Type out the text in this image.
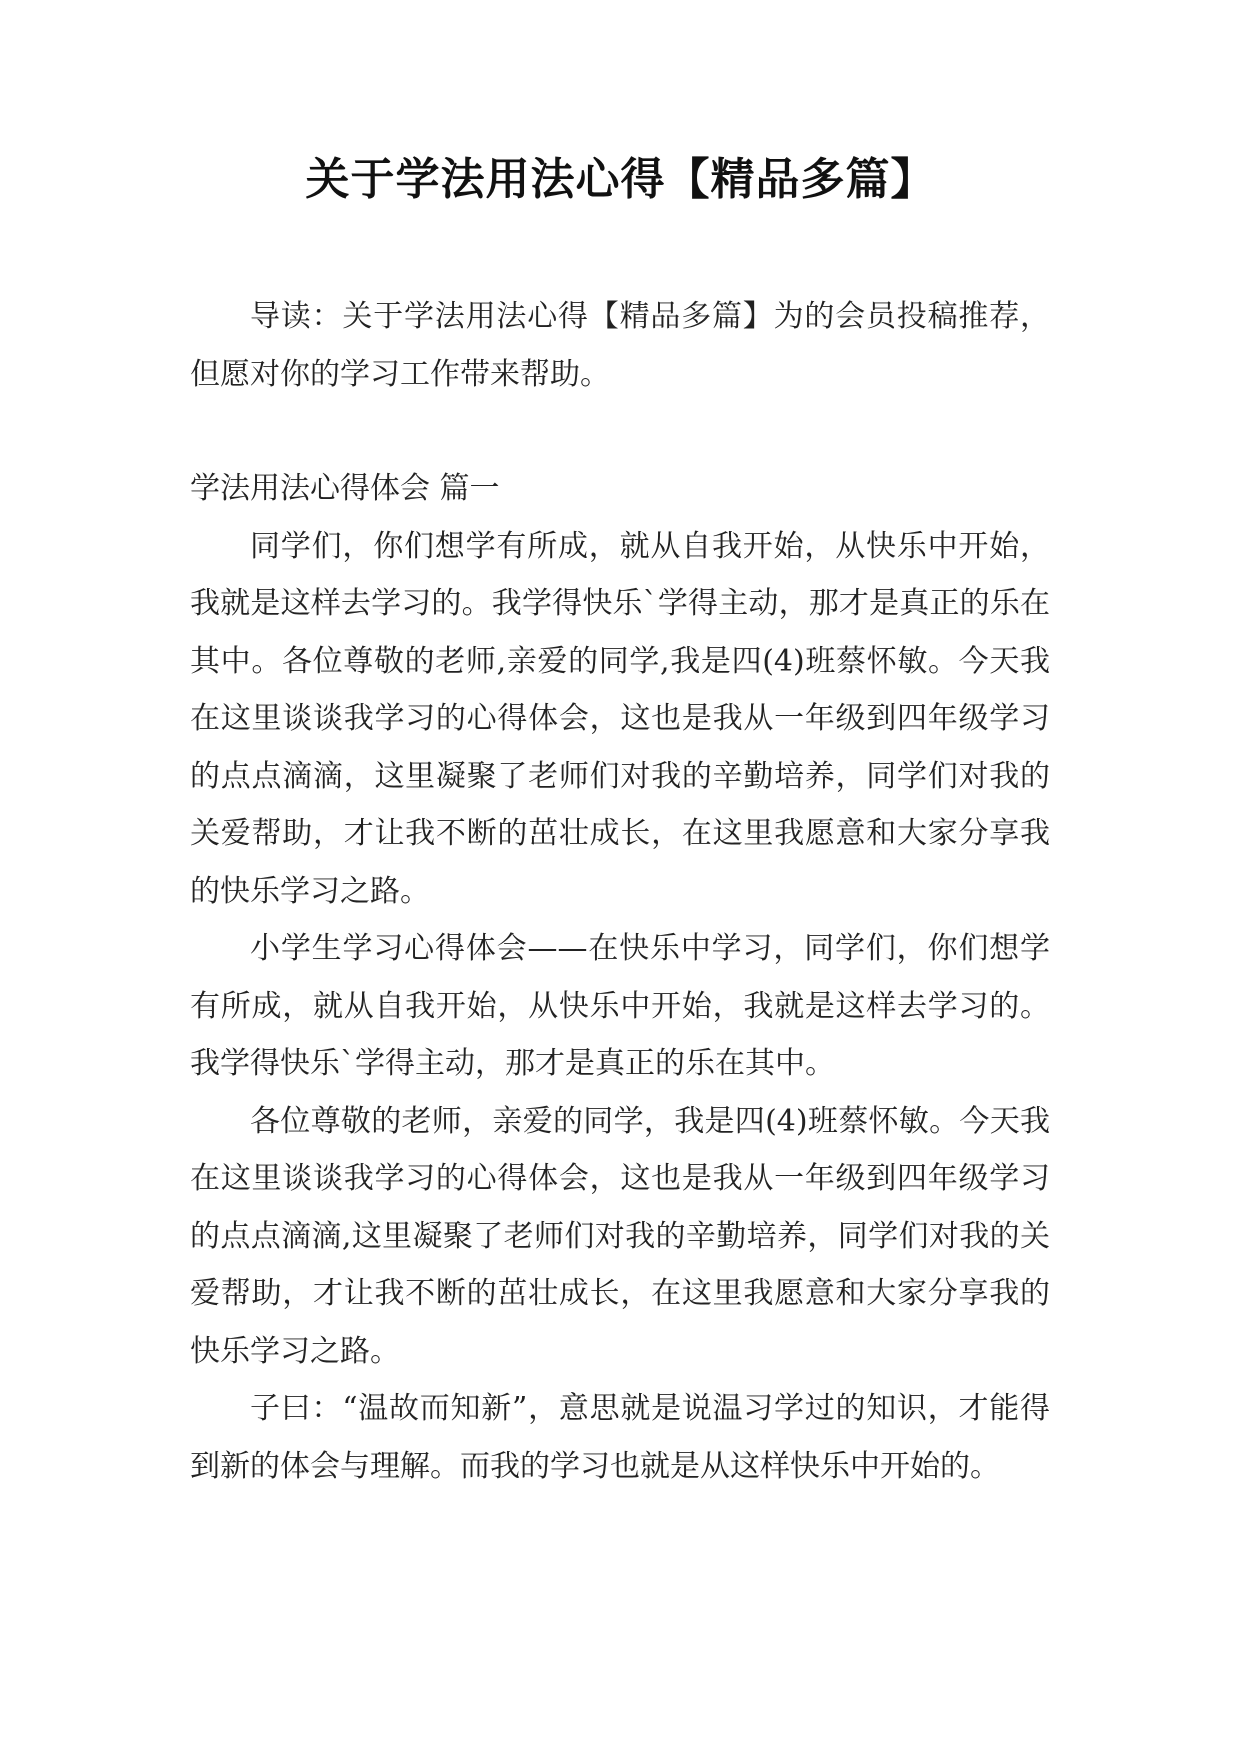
关于学法用法心得【精品多篇】

导读：关于学法用法心得【精品多篇】为的会员投稿推荐，但愿对你的学习工作带来帮助。

学法用法心得体会 篇一

同学们，你们想学有所成，就从自我开始，从快乐中开始，我就是这样去学习的。我学得快乐`学得主动，那才是真正的乐在其中。各位尊敬的老师,亲爱的同学,我是四(4)班蔡怀敏。今天我在这里谈谈我学习的心得体会，这也是我从一年级到四年级学习的点点滴滴，这里凝聚了老师们对我的辛勤培养，同学们对我的关爱帮助，才让我不断的茁壮成长，在这里我愿意和大家分享我的快乐学习之路。

小学生学习心得体会——在快乐中学习，同学们，你们想学有所成，就从自我开始，从快乐中开始，我就是这样去学习的。我学得快乐`学得主动，那才是真正的乐在其中。

各位尊敬的老师，亲爱的同学，我是四(4)班蔡怀敏。今天我在这里谈谈我学习的心得体会，这也是我从一年级到四年级学习的点点滴滴,这里凝聚了老师们对我的辛勤培养，同学们对我的关爱帮助，才让我不断的茁壮成长，在这里我愿意和大家分享我的快乐学习之路。

子曰：“温故而知新”，意思就是说温习学过的知识，才能得到新的体会与理解。而我的学习也就是从这样快乐中开始的。
